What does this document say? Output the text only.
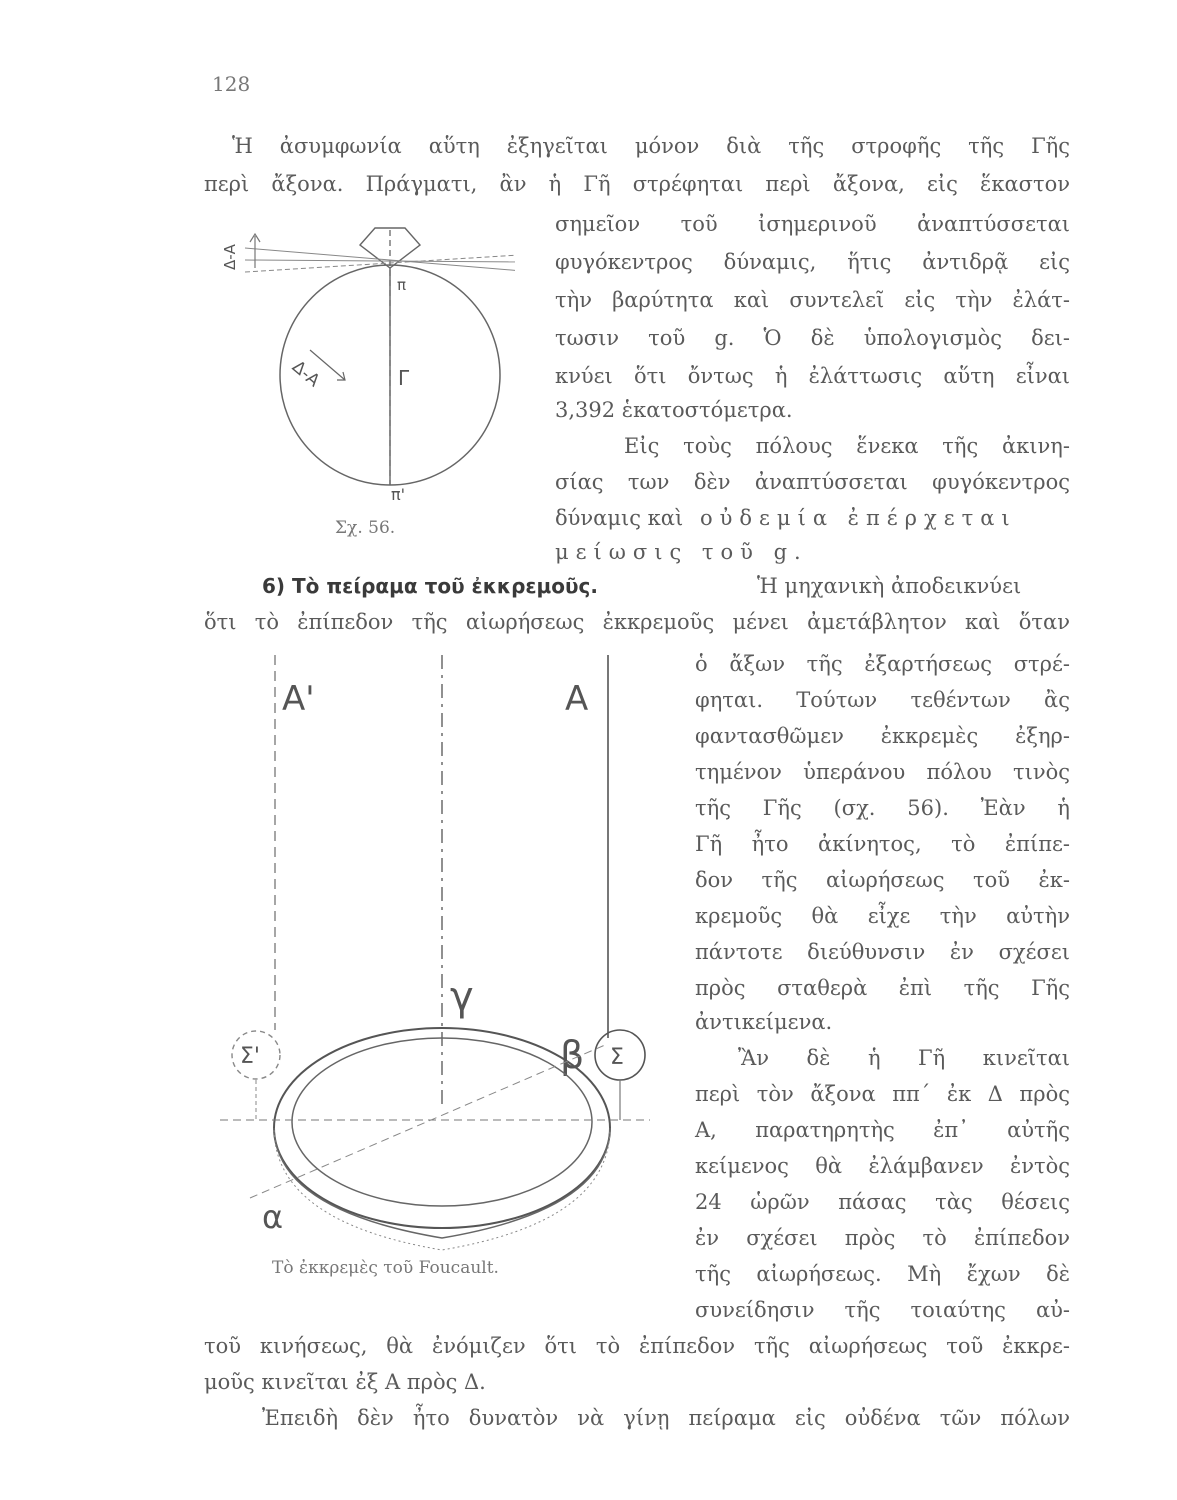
128

Ἡ ἀσυμφωνία αὕτη ἐξηγεῖται μόνον διὰ τῆς στροφῆς τῆς Γῆς

περὶ ἄξονα. Πράγματι, ἂν ἡ Γῆ στρέφηται περὶ ἄξονα, εἰς ἕκαστον

σημεῖον τοῦ ἰσημερινοῦ ἀναπτύσσεται

φυγόκεντρος δύναμις, ἥτις ἀντιδρᾷ εἰς

τὴν βαρύτητα καὶ συντελεῖ εἰς τὴν ἐλάτ-

τωσιν τοῦ g. Ὁ δὲ ὑπολογισμὸς δει-

κνύει ὅτι ὄντως ἡ ἐλάττωσις αὕτη εἶναι

3,392 ἑκατοστόμετρα.

Εἰς τοὺς πόλους ἕνεκα τῆς ἀκινη-

σίας των δὲν ἀναπτύσσεται φυγόκεντρος

δύναμις καὶ οὐδεμία ἐπέρχεται

μείωσις τοῦ g.

Δ-Α
Δ-Α
π
Γ
π'
Σχ. 56.

6) Τὸ πείραμα τοῦ ἐκκρεμοῦς.	Ἡ μηχανικὴ ἀποδεικνύει

ὅτι τὸ ἐπίπεδον τῆς αἰωρήσεως ἐκκρεμοῦς μένει ἀμετάβλητον καὶ ὅταν

Α'	Α
γ
Σ'	Σ
β
α
Τὸ ἐκκρεμὲς τοῦ Foucault.

ὁ ἄξων τῆς ἐξαρτήσεως στρέ-

φηται. Τούτων τεθέντων ἂς

φαντασθῶμεν ἐκκρεμὲς ἐξηρ-

τημένον ὑπεράνου πόλου τινὸς

τῆς Γῆς (σχ. 56). Ἐὰν ἡ

Γῆ ἦτο ἀκίνητος, τὸ ἐπίπε-

δον τῆς αἰωρήσεως τοῦ ἐκ-

κρεμοῦς θὰ εἶχε τὴν αὐτὴν

πάντοτε διεύθυνσιν ἐν σχέσει

πρὸς σταθερὰ ἐπὶ τῆς Γῆς

ἀντικείμενα.

Ἂν δὲ ἡ Γῆ κινεῖται

περὶ τὸν ἄξονα ππ΄ ἐκ Δ πρὸς

Α, παρατηρητὴς ἐπ᾽ αὐτῆς

κείμενος θὰ ἐλάμβανεν ἐντὸς

24 ὡρῶν πάσας τὰς θέσεις

ἐν σχέσει πρὸς τὸ ἐπίπεδον

τῆς αἰωρήσεως. Μὴ ἔχων δὲ

συνείδησιν τῆς τοιαύτης αὐ-

τοῦ κινήσεως, θὰ ἐνόμιζεν ὅτι τὸ ἐπίπεδον τῆς αἰωρήσεως τοῦ ἐκκρε-

μοῦς κινεῖται ἐξ Α πρὸς Δ.

Ἐπειδὴ δὲν ἦτο δυνατὸν νὰ γίνῃ πείραμα εἰς οὐδένα τῶν πόλων
